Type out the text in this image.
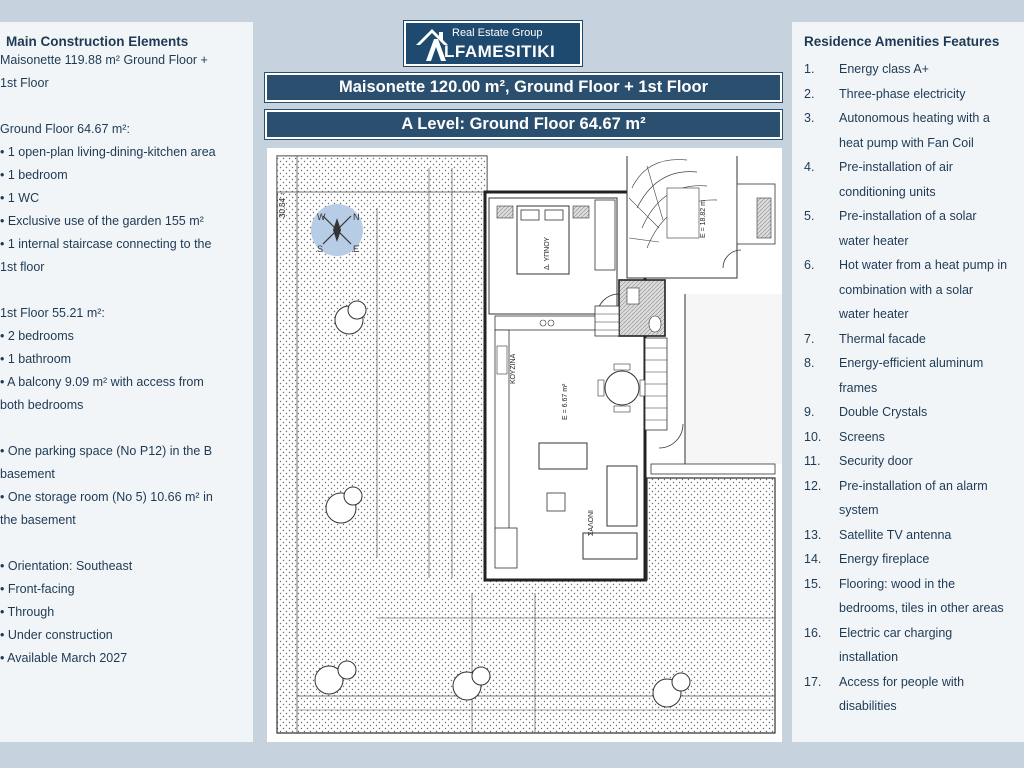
Main Construction Elements

Maisonette 119.88 m² Ground Floor +

1st Floor

Ground Floor 64.67 m²:

• 1 open-plan living-dining-kitchen area

• 1 bedroom

• 1 WC

• Exclusive use of the garden 155 m²

• 1 internal staircase connecting to the

1st floor

1st Floor 55.21 m²:

• 2 bedrooms

• 1 bathroom

• A balcony 9.09 m² with access from

both bedrooms

• One parking space (No P12) in the B

basement

• One storage room (No 5) 10.66 m² in

the basement

• Orientation: Southeast

• Front-facing

• Through

• Under construction

• Available March 2027

Real Estate Group
LFAMESITIKI
Maisonette 120.00 m², Ground Floor + 1st Floor
A Level: Ground Floor 64.67 m²
N
E
S
W
30.54 ↑
Δ. ΥΠΝΟΥ
ΚΟΥΖΙΝΑ
Ε = 6.67 m²
ΣΑΛΟΝΙ
Ε = 18.82 m
Residence Amenities Features
1. Energy class A+
2. Three-phase electricity
3. Autonomous heating with a
heat pump with Fan Coil
4. Pre-installation of air
conditioning units
5. Pre-installation of a solar
water heater
6. Hot water from a heat pump in
combination with a solar
water heater
7. Thermal facade
8. Energy-efficient aluminum
frames
9. Double Crystals
10. Screens
11. Security door
12. Pre-installation of an alarm
system
13. Satellite TV antenna
14. Energy fireplace
15. Flooring: wood in the
bedrooms, tiles in other areas
16. Electric car charging
installation
17. Access for people with
disabilities
